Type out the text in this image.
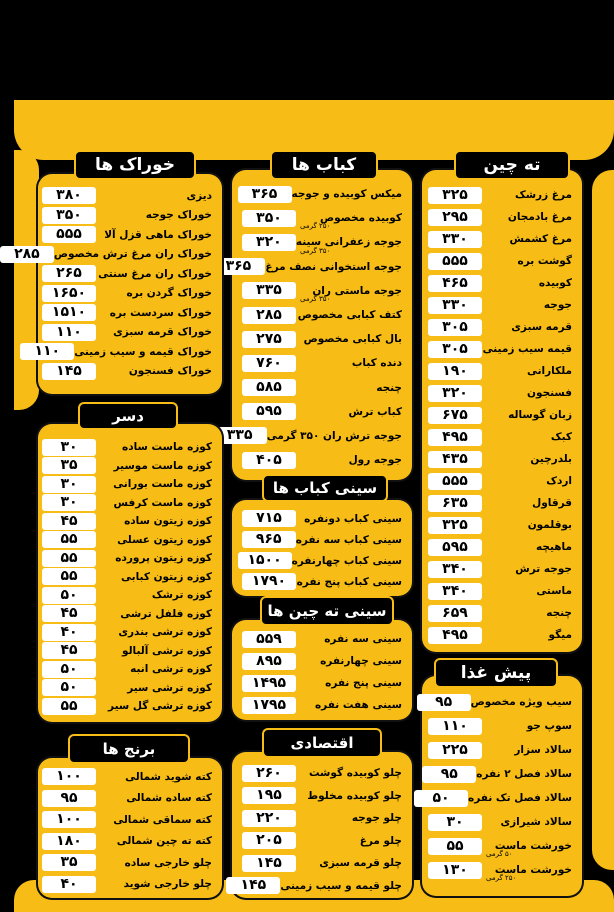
مرغ زرشک
۳۲۵
مرغ بادمجان
۲۹۵
مرغ کشمش
۳۳۰
گوشت بره
۵۵۵
کوبیده
۴۶۵
جوجه
۳۳۰
قرمه سبزی
۳۰۵
قیمه سیب زمینی
۳۰۵
ملکارانی
۱۹۰
فسنجون
۳۲۰
زبان گوساله
۶۷۵
کبک
۴۹۵
بلدرچین
۴۳۵
اردک
۵۵۵
قرقاول
۶۳۵
بوقلمون
۳۲۵
ماهیچه
۵۹۵
جوجه ترش
۳۴۰
ماستی
۳۴۰
چنجه
۶۵۹
میگو
۴۹۵
ته چین
سیب ویژه مخصوص
۹۵
سوپ جو
۱۱۰
سالاد سزار
۲۲۵
سالاد فصل ۲ نفره
۹۵
سالاد فصل تک نفره
۵۰
سالاد شیرازی
۳۰
خورشت ماست
۵۵
۵۰ گرمی
خورشت ماست
۱۳۰
۲۵۰ گرمی
پیش غذا
میکس کوبیده و جوجه
۳۶۵
کوبیده مخصوص
۳۵۰
۲۵۰ گرمی
جوجه زعفرانی سینه
۳۲۰
۳۵۰ گرمی
جوجه استخوانی نصف مرغ
۳۶۵
جوجه ماستی ران
۳۳۵
۳۵۰ گرمی
کتف کبابی مخصوص
۲۸۵
بال کبابی مخصوص
۲۷۵
دنده کباب
۷۶۰
چنجه
۵۸۵
کباب ترش
۵۹۵
جوجه ترش ران ۳۵۰ گرمی
۳۳۵
جوجه رول
۴۰۵
کباب ها
سینی کباب دونفره
۷۱۵
سینی کباب سه نفره
۹۶۵
سینی کباب چهارنفره
۱۵۰۰
سینی کباب پنج نفره
۱۷۹۰
سینی کباب ها
سینی سه نفره
۵۵۹
سینی چهارنفره
۸۹۵
سینی پنج نفره
۱۴۹۵
سینی هفت نفره
۱۷۹۵
سینی ته چین ها
چلو کوبیده گوشت
۲۶۰
چلو کوبیده مخلوط
۱۹۵
چلو جوجه
۲۲۰
چلو مرغ
۲۰۵
چلو قرمه سبزی
۱۴۵
چلو قیمه و سیب زمینی
۱۴۵
اقتصادی
دیزی
۳۸۰
خوراک جوجه
۳۵۰
خوراک ماهی قزل آلا
۵۵۵
خوراک ران مرغ ترش مخصوص
۲۸۵
خوراک ران مرغ سنتی
۲۶۵
خوراک گردن بره
۱۶۵۰
خوراک سردست بره
۱۵۱۰
خوراک قرمه سبزی
۱۱۰
خوراک قیمه و سیب زمینی
۱۱۰
خوراک فسنجون
۱۴۵
خوراک ها
کوزه ماست ساده
۳۰
کوزه ماست موسیر
۳۵
کوزه ماست بورانی
۳۰
کوزه ماست کرفس
۳۰
کوزه زیتون ساده
۴۵
کوزه زیتون عسلی
۵۵
کوزه زیتون پرورده
۵۵
کوزه زیتون کبابی
۵۵
کوزه ترشک
۵۰
کوزه فلفل ترشی
۴۵
کوزه ترشی بندری
۴۰
کوزه ترشی آلبالو
۴۵
کوزه ترشی انبه
۵۰
کوزه ترشی سیر
۵۰
کوزه ترشی گل سیر
۵۵
دسر
کته شوید شمالی
۱۰۰
کته ساده شمالی
۹۵
کته سماقی شمالی
۱۰۰
کته ته چین شمالی
۱۸۰
چلو خارجی ساده
۳۵
چلو خارجی شوید
۴۰
برنج ها
